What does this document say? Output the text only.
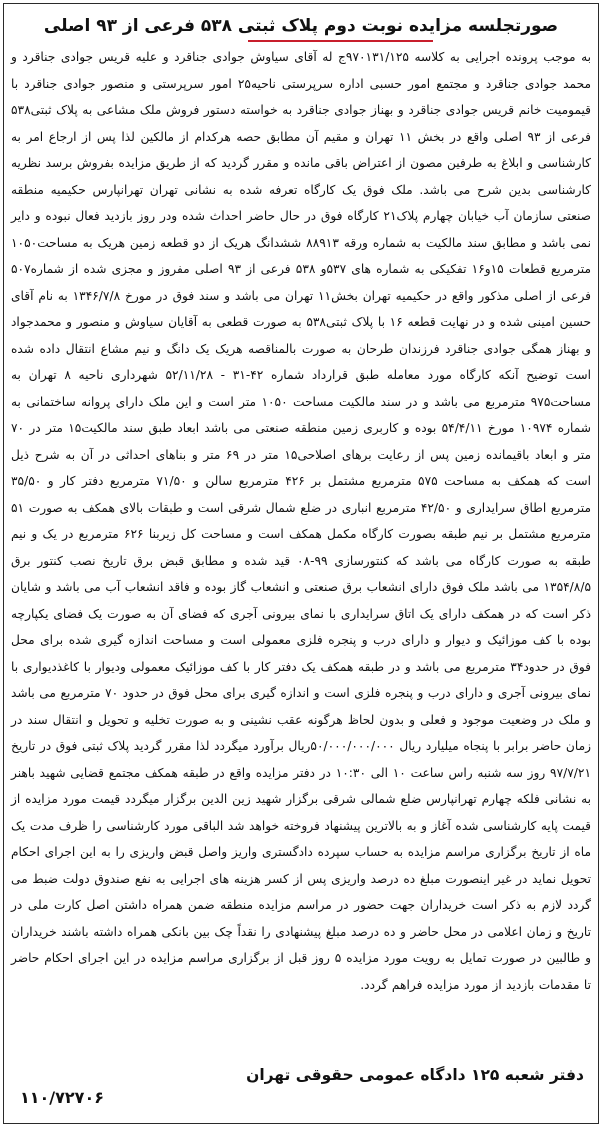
صورتجلسه مزایده نوبت دوم پلاک ثبتی ۵۳۸ فرعی از ۹۳ اصلی

به موجب پرونده اجرایی به کلاسه ۹۷۰۱۳۱/۱۲۵ج له آقای سیاوش جوادی جناقرد و علیه قریس جوادی جناقرد و محمد جوادی جناقرد و مجتمع امور حسبی اداره سرپرستی ناحیه۲۵ امور سرپرستی و منصور جوادی جناقرد با قیمومیت خانم قریس جوادی جناقرد و بهناز جوادی جناقرد به خواسته دستور فروش ملک مشاعی به پلاک ثبتی۵۳۸ فرعی از ۹۳ اصلی واقع در بخش ۱۱ تهران و مقیم آن مطابق حصه هرکدام از مالکین لذا پس از ارجاع امر به کارشناسی و ابلاغ به طرفین مصون از اعتراض باقی مانده و مقرر گردید که از طریق مزایده بفروش برسد نظریه کارشناسی بدین شرح می باشد. ملک فوق یک کارگاه تعرفه شده به نشانی تهران تهرانپارس حکیمیه منطقه صنعتی سازمان آب خیابان چهارم پلاک۲۱ کارگاه فوق در حال حاضر احداث شده ودر روز بازدید فعال نبوده و دایر نمی باشد و مطابق سند مالکیت به شماره ورقه ۸۸۹۱۳ ششدانگ هریک از دو قطعه زمین هریک به مساحت۱۰۵۰ مترمربع قطعات ۱۵و۱۶ تفکیکی به شماره های ۵۳۷و ۵۳۸ فرعی از ۹۳ اصلی مفروز و مجزی شده از شماره۵۰۷ فرعی از اصلی مذکور واقع در حکیمیه تهران بخش۱۱ تهران می باشد و سند فوق در مورخ ۱۳۴۶/۷/۸ به نام آقای حسین امینی شده و در نهایت قطعه ۱۶ با پلاک ثبتی۵۳۸ به صورت قطعی به آقایان سیاوش و منصور و محمدجواد و بهناز همگی جوادی جناقرد فرزندان طرحان به صورت بالمناقصه هریک یک دانگ و نیم مشاع انتقال داده شده است توضیح آنکه کارگاه مورد معامله طبق قرارداد شماره ۴۲-۳۱ - ۵۲/۱۱/۲۸ شهرداری ناحیه ۸ تهران به مساحت۹۷۵ مترمربع می باشد و در سند مالکیت مساحت ۱۰۵۰ متر است و این ملک دارای پروانه ساختمانی به شماره ۱۰۹۷۴ مورخ ۵۴/۴/۱۱ بوده و کاربری زمین منطقه صنعتی می باشد ابعاد طبق سند مالکیت۱۵ متر در ۷۰ متر و ابعاد باقیمانده زمین پس از رعایت برهای اصلاحی۱۵ متر در ۶۹ متر و بناهای احداثی در آن به شرح ذیل است که همکف به مساحت ۵۷۵ مترمربع مشتمل بر ۴۲۶ مترمربع سالن و ۷۱/۵۰ مترمربع دفتر کار و ۳۵/۵۰ مترمربع اطاق سرایداری و ۴۲/۵۰ مترمربع انباری در ضلع شمال شرقی است و طبقات بالای همکف به صورت ۵۱ مترمربع مشتمل بر نیم طبقه بصورت کارگاه مکمل همکف است و مساحت کل زیربنا ۶۲۶ مترمربع در یک و نیم طبقه به صورت کارگاه می باشد که کنتورسازی ۹۹-۰۸ قید شده و مطابق قبض برق تاریخ نصب کنتور برق ۱۳۵۴/۸/۵ می باشد ملک فوق دارای انشعاب برق صنعتی و انشعاب گاز بوده و فاقد انشعاب آب می باشد و شایان ذکر است که در همکف دارای یک اتاق سرایداری با نمای بیرونی آجری که فضای آن به صورت یک فضای یکپارچه بوده با کف موزائیک و دیوار و دارای درب و پنجره فلزی معمولی است و مساحت اندازه گیری شده برای محل فوق در حدود۳۴ مترمربع می باشد و در طبقه همکف یک دفتر کار با کف موزائیک معمولی ودیوار با کاغذدیواری با نمای بیرونی آجری و دارای درب و پنجره فلزی است و اندازه گیری برای محل فوق در حدود ۷۰ مترمربع می باشد و ملک در وضعیت موجود و فعلی و بدون لحاظ هرگونه عقب نشینی و به صورت تخلیه و تحویل و انتقال سند در زمان حاضر برابر با پنجاه میلیارد ریال ۵۰/۰۰۰/۰۰۰/۰۰۰ریال برآورد میگردد لذا مقرر گردید پلاک ثبتی فوق در تاریخ ۹۷/۷/۲۱ روز سه شنبه راس ساعت ۱۰ الی ۱۰:۳۰ در دفتر مزایده واقع در طبقه همکف مجتمع قضایی شهید باهنر به نشانی فلکه چهارم تهرانپارس ضلع شمالی شرقی برگزار شهید زین الدین برگزار میگردد قیمت مورد مزایده از قیمت پایه کارشناسی شده آغاز و به بالاترین پیشنهاد فروخته خواهد شد الباقی مورد کارشناسی را ظرف مدت یک ماه از تاریخ برگزاری مراسم مزایده به حساب سپرده دادگستری واریز واصل قبض واریزی را به این اجرای احکام تحویل نماید در غیر اینصورت مبلغ ده درصد واریزی پس از کسر هزینه های اجرایی به نفع صندوق دولت ضبط می گردد لازم به ذکر است خریداران جهت حضور در مراسم مزایده منطقه ضمن همراه داشتن اصل کارت ملی در تاریخ و زمان اعلامی در محل حاضر و ده درصد مبلغ پیشنهادی را نقداً چک بین بانکی همراه داشته باشند خریداران و طالبین در صورت تمایل به رویت مورد مزایده ۵ روز قبل از برگزاری مراسم مزایده در این اجرای احکام حاضر تا مقدمات بازدید از مورد مزایده فراهم گردد.

دفتر شعبه ۱۲۵ دادگاه عمومی حقوقی تهران
۱۱۰/۷۲۷۰۶
